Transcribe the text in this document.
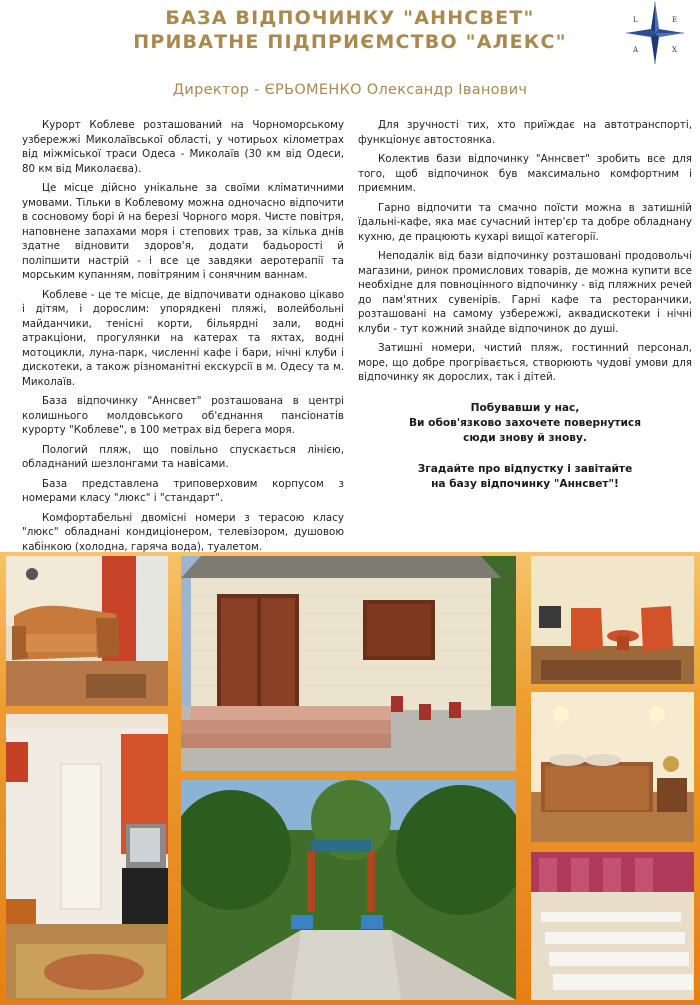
БАЗА ВІДПОЧИНКУ "АННСВЕТ"
ПРИВАТНЕ ПІДПРИЄМСТВО "АЛЕКС"
L	E
A	X
Директор - ЄРЬОМЕНКО Олександр Іванович

Курорт Коблеве розташований на Чорноморському узбережжі Миколаївської області, у чотирьох кілометрах від міжміської траси Одеса - Миколаїв (30 км від Одеси, 80 км від Миколаєва).

Це місце дійсно унікальне за своїми кліматичними умовами. Тільки в Коблевому можна одночасно відпочити в сосновому борі й на березі Чорного моря. Чисте повітря, наповнене запахами моря і степових трав, за кілька днів здатне відновити здоров'я, додати бадьорості й поліпшити настрій - і все це завдяки аеротерапії та морським купанням, повітряним і сонячним ваннам.

Коблеве - це те місце, де відпочивати однаково цікаво і дітям, і дорослим: упорядкені пляжі, волейбольні майданчики, тенісні корти, більярдні зали, водні атракціони, прогулянки на катерах та яхтах, водні мотоцикли, луна-парк, численні кафе і бари, нічні клуби і дискотеки, а також різноманітні екскурсії в м. Одесу та м. Миколаїв.

База відпочинку "Аннсвет" розташована в центрі колишнього молдовського об'єднання пансіонатів курорту "Коблеве", в 100 метрах від берега моря.

Пологий пляж, що повільно спускається лінією, обладнаний шезлонгами та навісами.

База представлена триповерховим корпусом з номерами класу "люкс" і "стандарт".

Комфортабельні двомісні номери з терасою класу "люкс" обладнані кондиціонером, телевізором, душовою кабінкою (холодна, гаряча вода), туалетом.

Для зручності тих, хто приїждає на автотранспорті, функціонує автостоянка.

Колектив бази відпочинку "Аннсвет" зробить все для того, щоб відпочинок був максимально комфортним і приємним.

Гарно відпочити та смачно поїсти можна в затишній їдальні-кафе, яка має сучасний інтер'єр та добре обладнану кухню, де працюють кухарі вищої категорії.

Неподалік від бази відпочинку розташовані продовольчі магазини, ринок промислових товарів, де можна купити все необхідне для повноцінного відпочинку - від пляжних речей до пам'ятних сувенірів. Гарні кафе та ресторанчики, розташовані на самому узбережжі, аквадискотеки і нічні клуби - тут кожний знайде відпочинок до душі.

Затишні номери, чистий пляж, гостинний персонал, море, що добре прогрівається, створюють чудові умови для відпочинку як дорослих, так і дітей.

Побувавши у нас,
Ви обов'язково захочете повернутися
сюди знову й знову.
Згадайте про відпустку і завітайте
на базу відпочинку "Аннсвет"!
